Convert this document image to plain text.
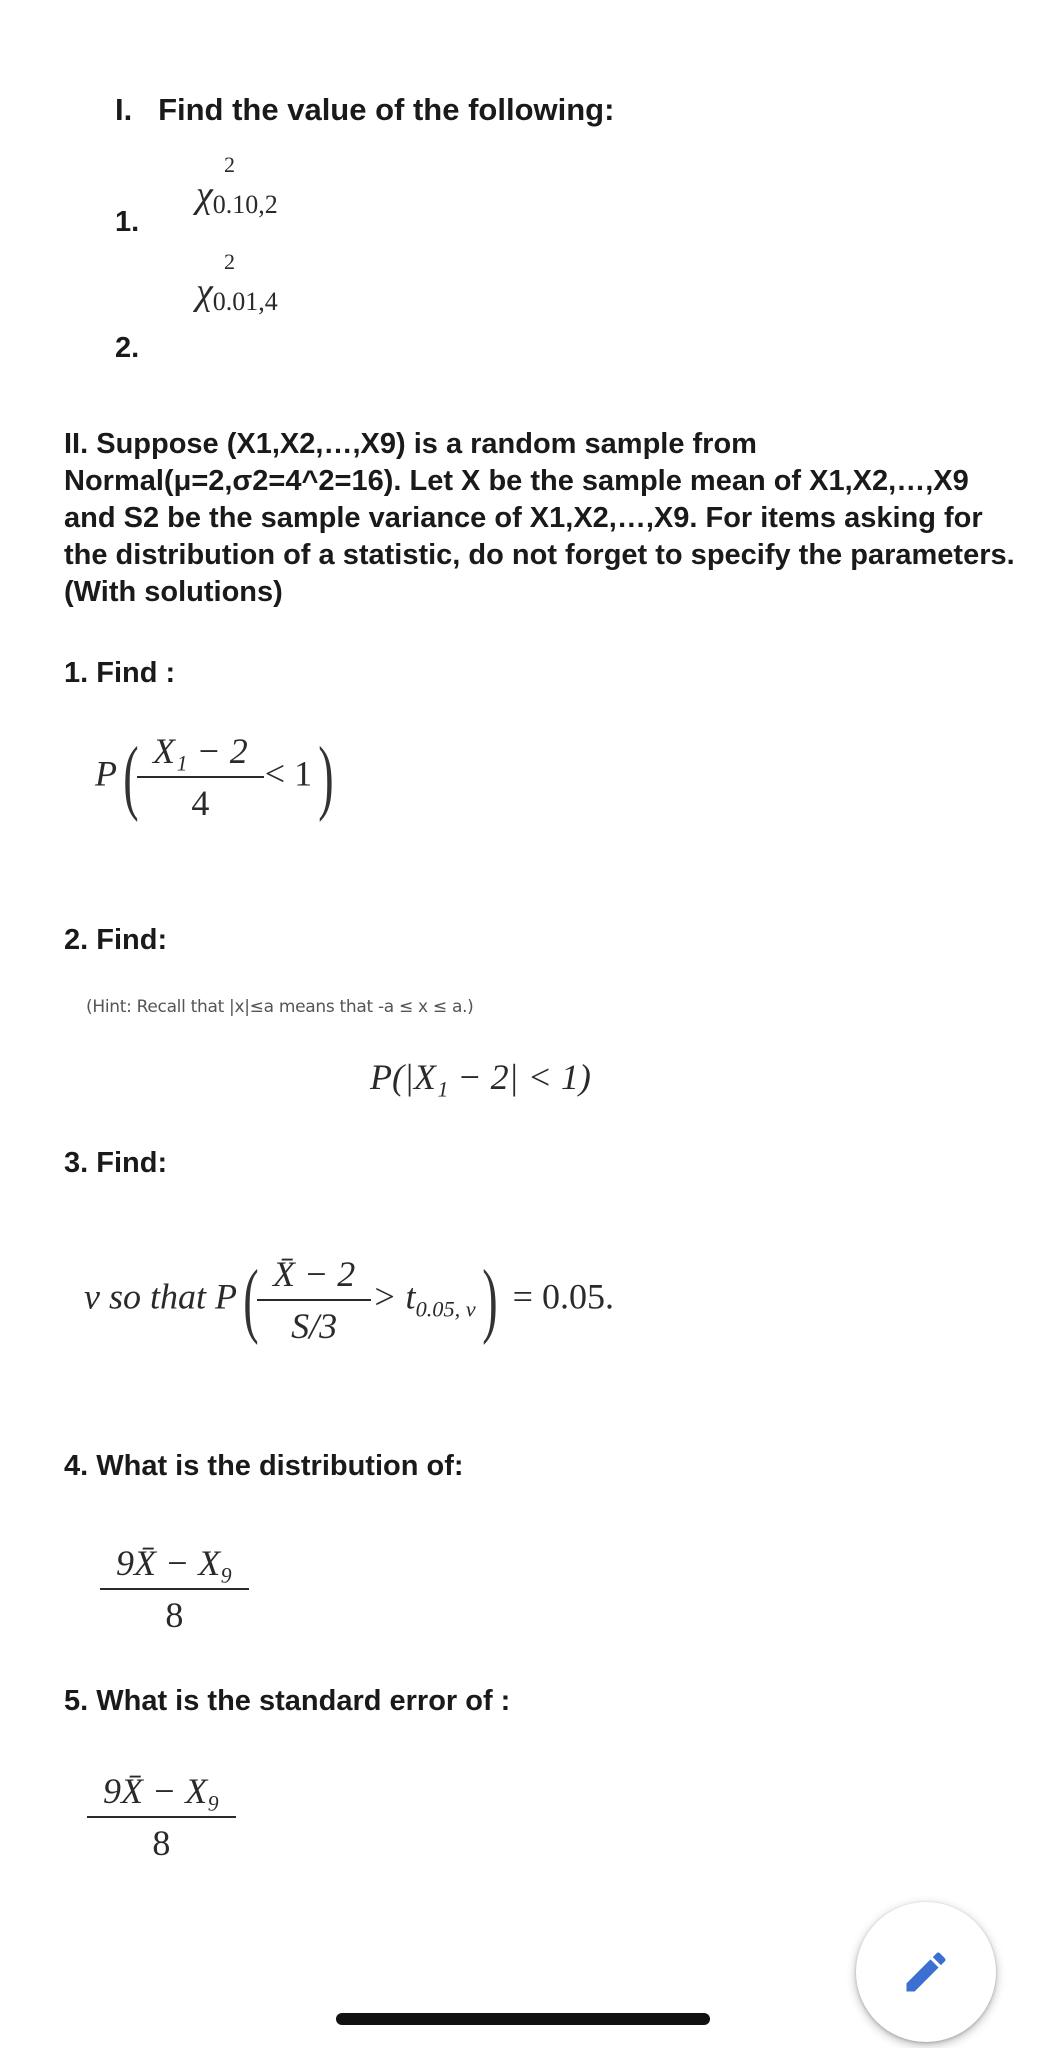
I.   Find the value of the following:
χ
2
0.10,2
1.
χ
2
0.01,4
2.
II. Suppose (X1,X2,…,X9) is a random sample from Normal(μ=2,σ2=4^2=16). Let X be the sample mean of X1,X2,…,X9 and S2 be the sample variance of X1,X2,…,X9. For items asking for the distribution of a statistic, do not forget to specify the parameters. (With solutions)
1. Find :
$P( \frac{\text{X₁ − 2}}{4} < 1)$
2. Find:
(Hint: Recall that |x|≤a means that -a ≤ x ≤ a.)
P(|X₁ − 2| < 1)
3. Find:
ν so that $P( \frac{X̄ - 2}{S/3} > t_{0.05, \nu}) = 0.05$.
4. What is the distribution of:
$\frac{\text{9X̄ − X₉}}{8}$
5. What is the standard error of :
$\frac{\text{9X̄ − X₉}}{8}$
